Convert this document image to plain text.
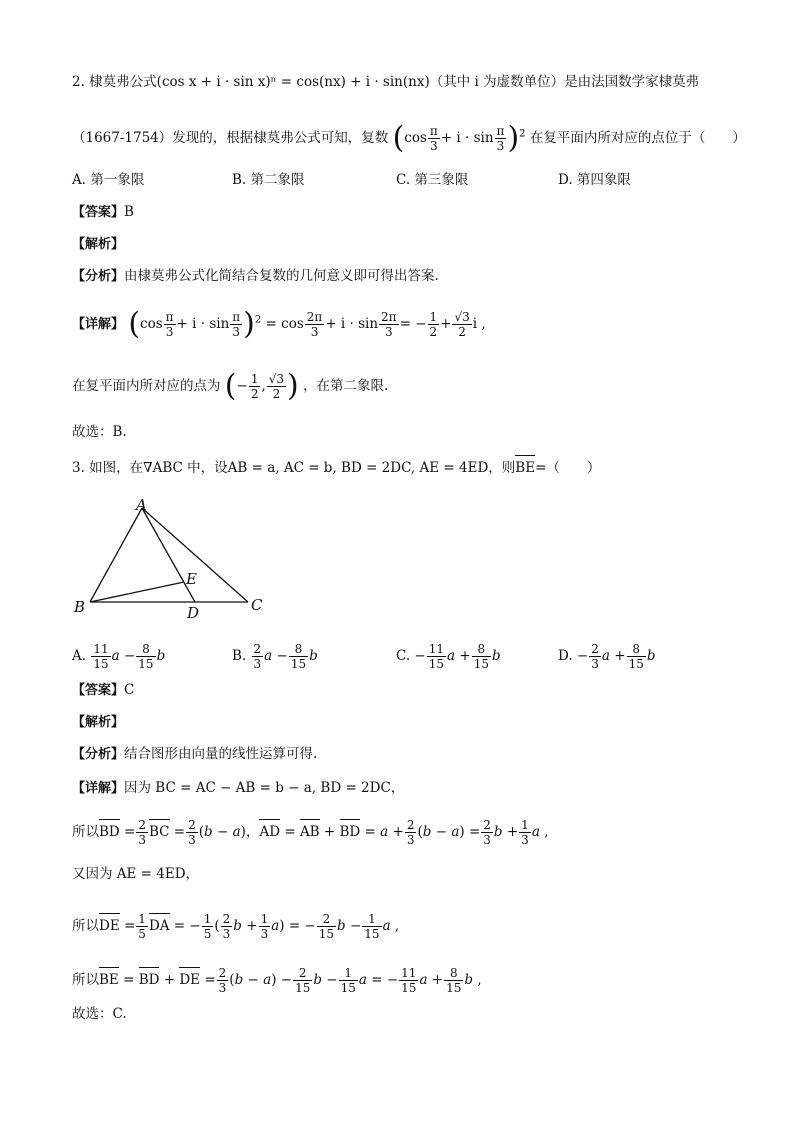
2. 棣莫弗公式(cos x + i · sin x)ⁿ = cos(nx) + i · sin(nx)（其中 i 为虚数单位）是由法国数学家棣莫弗
（1667-1754）发现的，根据棣莫弗公式可知，复数 $(\cos \frac{\pi}{3} + i \cdot \sin \frac{\pi}{3} )^2$ 在复平面内所对应的点位于（　　）
A. 第一象限	B. 第二象限	C. 第三象限	D. 第四象限
【答案】B
【解析】
【分析】由棣莫弗公式化简结合复数的几何意义即可得出答案.
【详解】 $(\cos \frac{\pi}{3} + i \cdot \sin \frac{\pi}{3} )^2 = \cos \frac{2\pi}{3} + i \cdot \sin \frac{2\pi}{3}$ = − $\frac{1}{2} + \frac{√3}{2}$ i ,
在复平面内所对应的点为 (− $\frac{1}{2}$ , $\frac{√3}{2}$ ) ，在第二象限.
故选：B.
3. 如图，在∇ABC 中，设AB = a, AC = b, BD = 2DC, AE = 4ED，则BE=（　　）
A
B	C
D
E
A. $\frac{11}{15}$ $a - \frac{8}{15}$ b	B. $\frac{2}{3}$ $a - \frac{8}{15}$ b	C. − $\frac{11}{15}$ $a + \frac{8}{15}$ b	D. − $\frac{2}{3}$ $a + \frac{8}{15}$ b
【答案】C
【解析】
【分析】结合图形由向量的线性运算可得.
【详解】因为 BC = AC − AB = b − a, BD = 2DC，
所以BD = $\frac{2}{3}$ BC = $\frac{2}{3} (b - a)$，AD = AB + BD = $a + \frac{2}{3} (b - a) = \frac{2}{3}$ $b + \frac{1}{3}$ a ,
又因为 AE = 4ED，
所以DE = $\frac{1}{5}$ DA = − $\frac{1}{5}$ ( $\frac{2}{3}$ $b + \frac{1}{3} a$) = − $\frac{2}{15}$ $b - \frac{1}{15}$ a ,
所以BE = BD + DE = $\frac{2}{3} (b - a) - \frac{2}{15}$ $b - \frac{1}{15}$ a = − $\frac{11}{15}$ $a + \frac{8}{15}$ b ,
故选：C.
